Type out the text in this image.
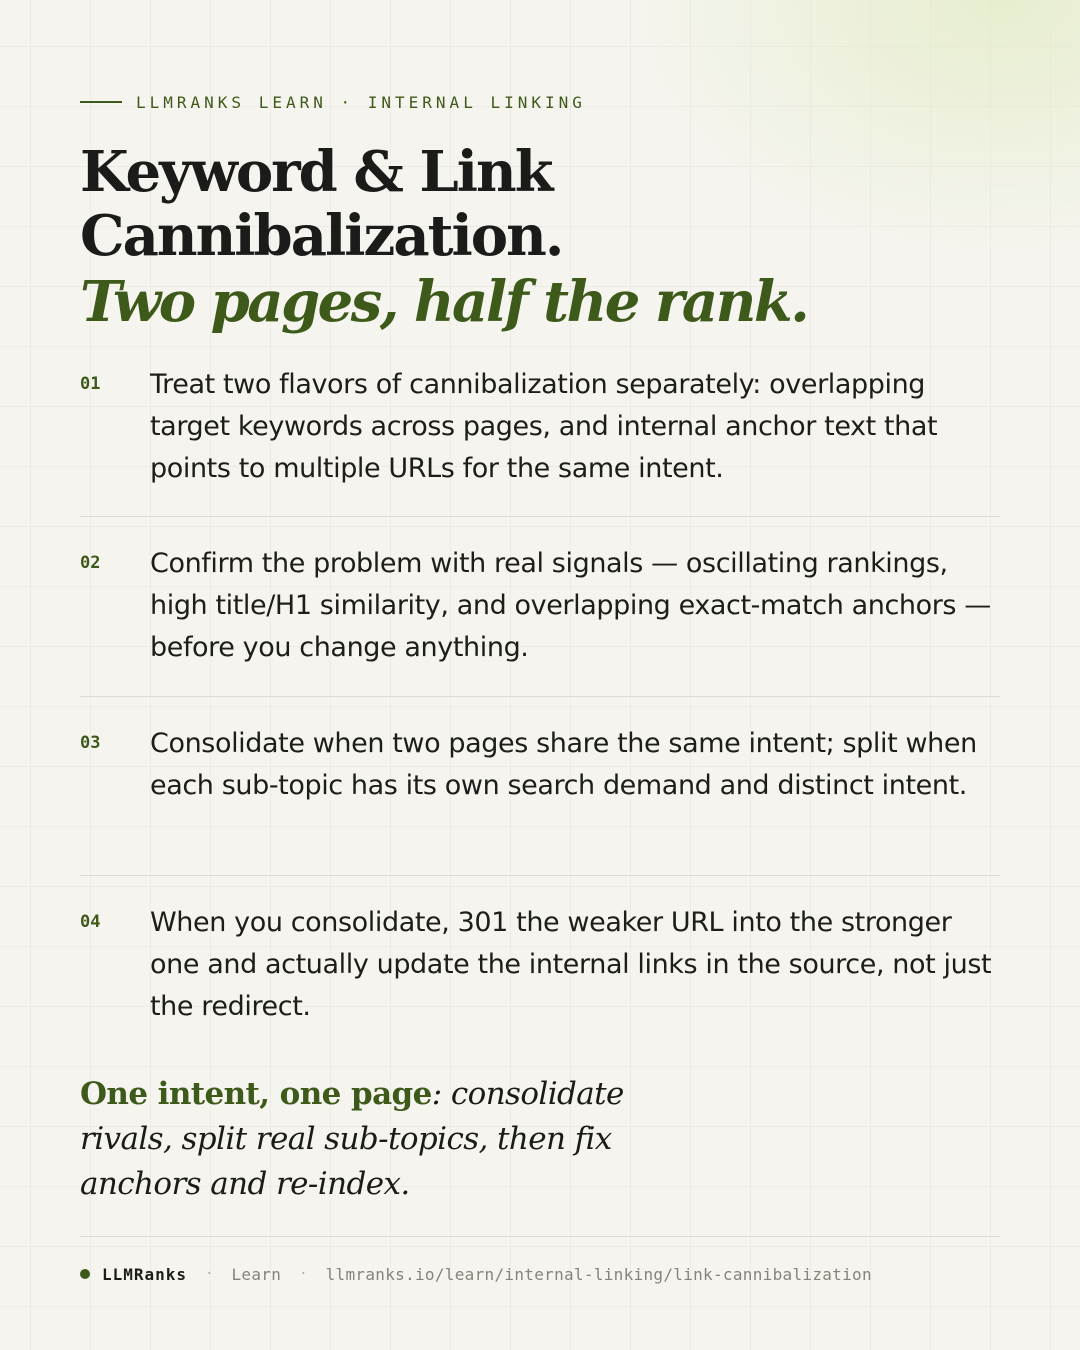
LLMRANKS LEARN · INTERNAL LINKING
Keyword & Link
Cannibalization.
Two pages, half the rank.
01 Treat two flavors of cannibalization separately: overlapping target keywords across pages, and internal anchor text that points to multiple URLs for the same intent.
02 Confirm the problem with real signals — oscillating rankings, high title/H1 similarity, and overlapping exact-match anchors — before you change anything.
03 Consolidate when two pages share the same intent; split when each sub-topic has its own search demand and distinct intent.
04 When you consolidate, 301 the weaker URL into the stronger one and actually update the internal links in the source, not just the redirect.
One intent, one page: consolidate rivals, split real sub-topics, then fix anchors and re-index.
LLMRanks · Learn · llmranks.io/learn/internal-linking/link-cannibalization
